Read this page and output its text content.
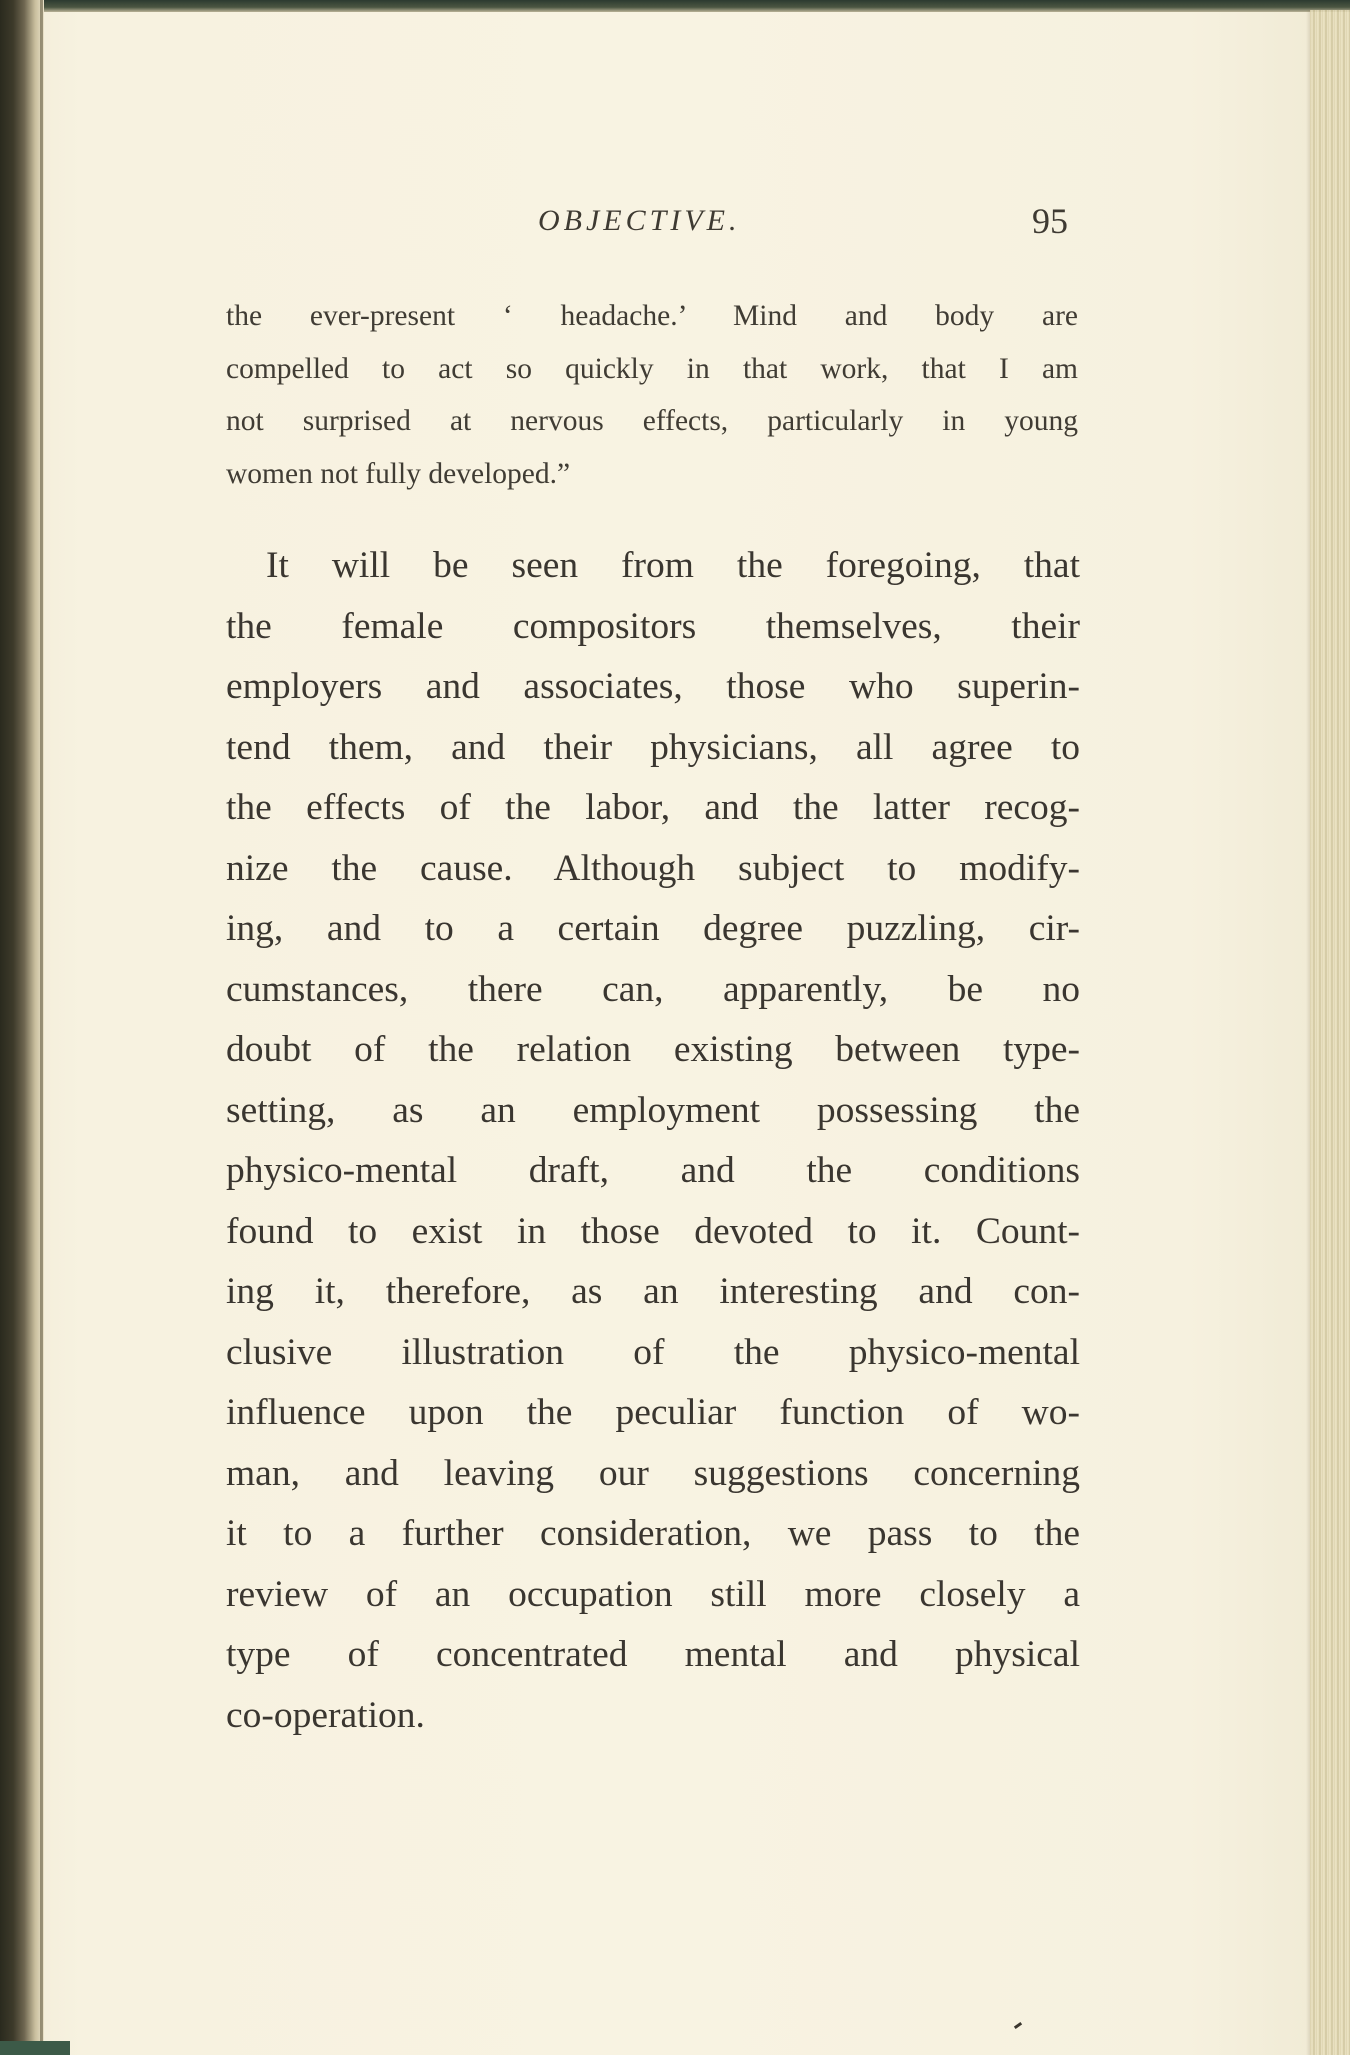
OBJECTIVE.	95
the ever-present ‘ headache.’ Mind and body are
compelled to act so quickly in that work, that I am
not surprised at nervous effects, particularly in young
women not fully developed.”
It will be seen from the foregoing, that
the female compositors themselves, their
employers and associates, those who superin-
tend them, and their physicians, all agree to
the effects of the labor, and the latter recog-
nize the cause. Although subject to modify-
ing, and to a certain degree puzzling, cir-
cumstances, there can, apparently, be no
doubt of the relation existing between type-
setting, as an employment possessing the
physico-mental draft, and the conditions
found to exist in those devoted to it. Count-
ing it, therefore, as an interesting and con-
clusive illustration of the physico-mental
influence upon the peculiar function of wo-
man, and leaving our suggestions concerning
it to a further consideration, we pass to the
review of an occupation still more closely a
type of concentrated mental and physical
co-operation.
